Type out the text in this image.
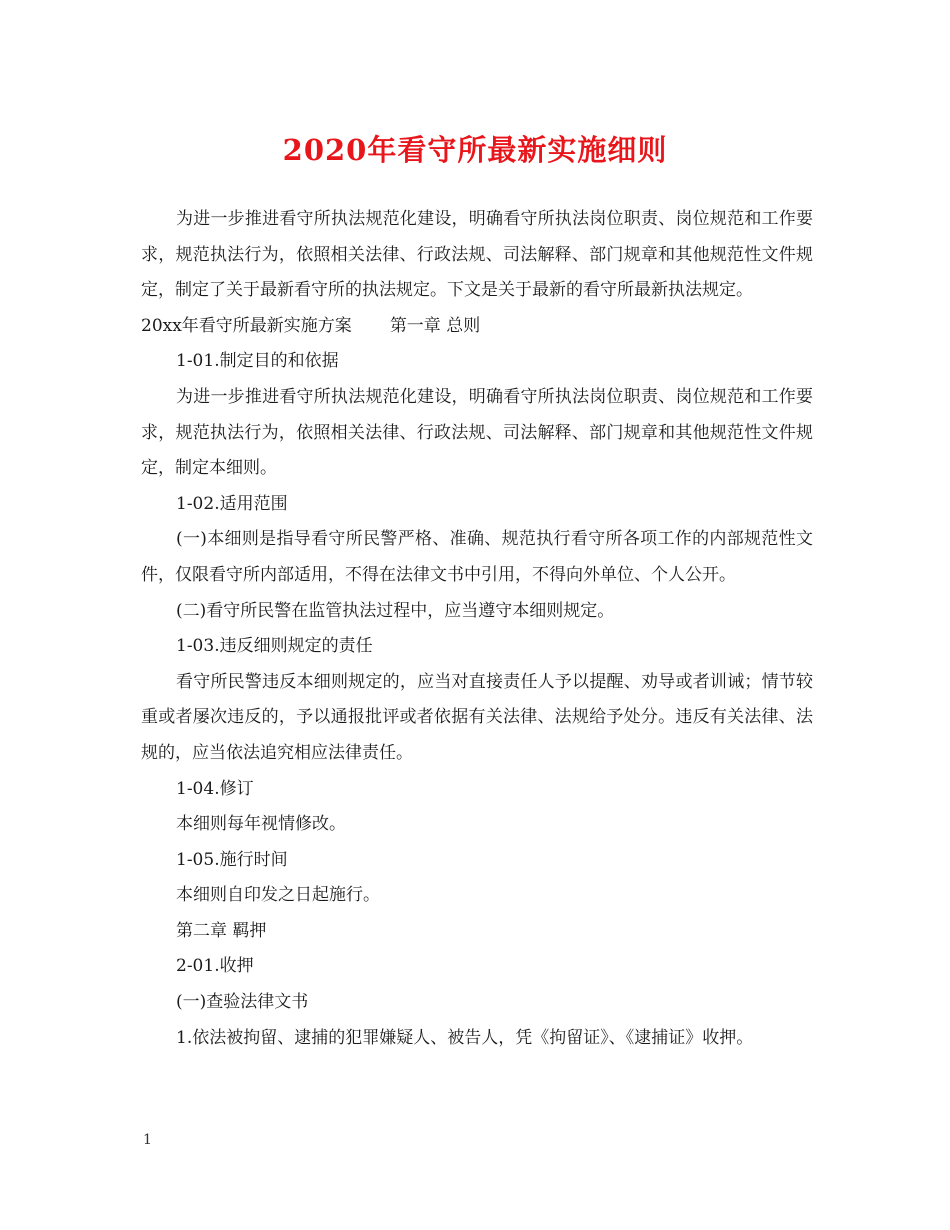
2020年看守所最新实施细则

为进一步推进看守所执法规范化建设，明确看守所执法岗位职责、岗位规范和工作要求，规范执法行为，依照相关法律、行政法规、司法解释、部门规章和其他规范性文件规定，制定了关于最新看守所的执法规定。下文是关于最新的看守所最新执法规定。

20xx年看守所最新实施方案 第一章 总则

1-01.制定目的和依据

为进一步推进看守所执法规范化建设，明确看守所执法岗位职责、岗位规范和工作要求，规范执法行为，依照相关法律、行政法规、司法解释、部门规章和其他规范性文件规定，制定本细则。

1-02.适用范围

(一)本细则是指导看守所民警严格、准确、规范执行看守所各项工作的内部规范性文件，仅限看守所内部适用，不得在法律文书中引用，不得向外单位、个人公开。

(二)看守所民警在监管执法过程中，应当遵守本细则规定。

1-03.违反细则规定的责任

看守所民警违反本细则规定的，应当对直接责任人予以提醒、劝导或者训诫；情节较重或者屡次违反的，予以通报批评或者依据有关法律、法规给予处分。违反有关法律、法规的，应当依法追究相应法律责任。

1-04.修订

本细则每年视情修改。

1-05.施行时间

本细则自印发之日起施行。

第二章 羁押

2-01.收押

(一)查验法律文书

1.依法被拘留、逮捕的犯罪嫌疑人、被告人，凭《拘留证》、《逮捕证》收押。

1
